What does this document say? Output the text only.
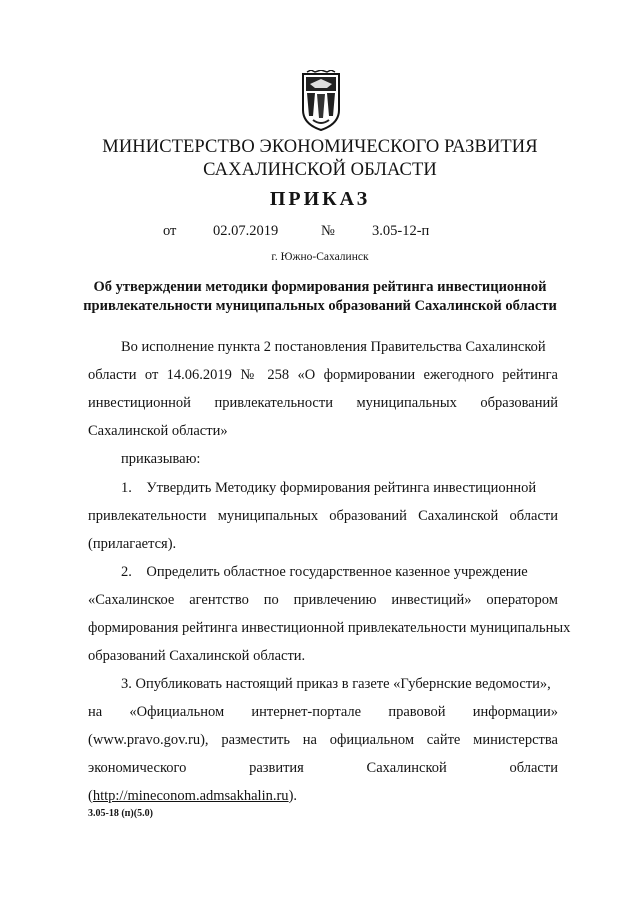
МИНИСТЕРСТВО ЭКОНОМИЧЕСКОГО РАЗВИТИЯ
САХАЛИНСКОЙ ОБЛАСТИ
ПРИКАЗ
от	02.07.2019	№	3.05-12-п
г. Южно-Сахалинск
Об утверждении методики формирования рейтинга инвестиционной
привлекательности муниципальных образований Сахалинской области
Во исполнение пункта 2 постановления Правительства Сахалинской
области от 14.06.2019 № 258 «О формировании ежегодного рейтинга
инвестиционной привлекательности муниципальных образований
Сахалинской области»
приказываю:
1.    Утвердить Методику формирования рейтинга инвестиционной
привлекательности муниципальных образований Сахалинской области
(прилагается).
2.    Определить областное государственное казенное учреждение
«Сахалинское агентство по привлечению инвестиций» оператором
формирования рейтинга инвестиционной привлекательности муниципальных
образований Сахалинской области.
3. Опубликовать настоящий приказ в газете «Губернские ведомости»,
на «Официальном интернет-портале правовой информации»
(www.pravo.gov.ru), разместить на официальном сайте министерства
экономического	развития	Сахалинской	области
(http://mineconom.admsakhalin.ru).
3.05-18 (п)(5.0)
